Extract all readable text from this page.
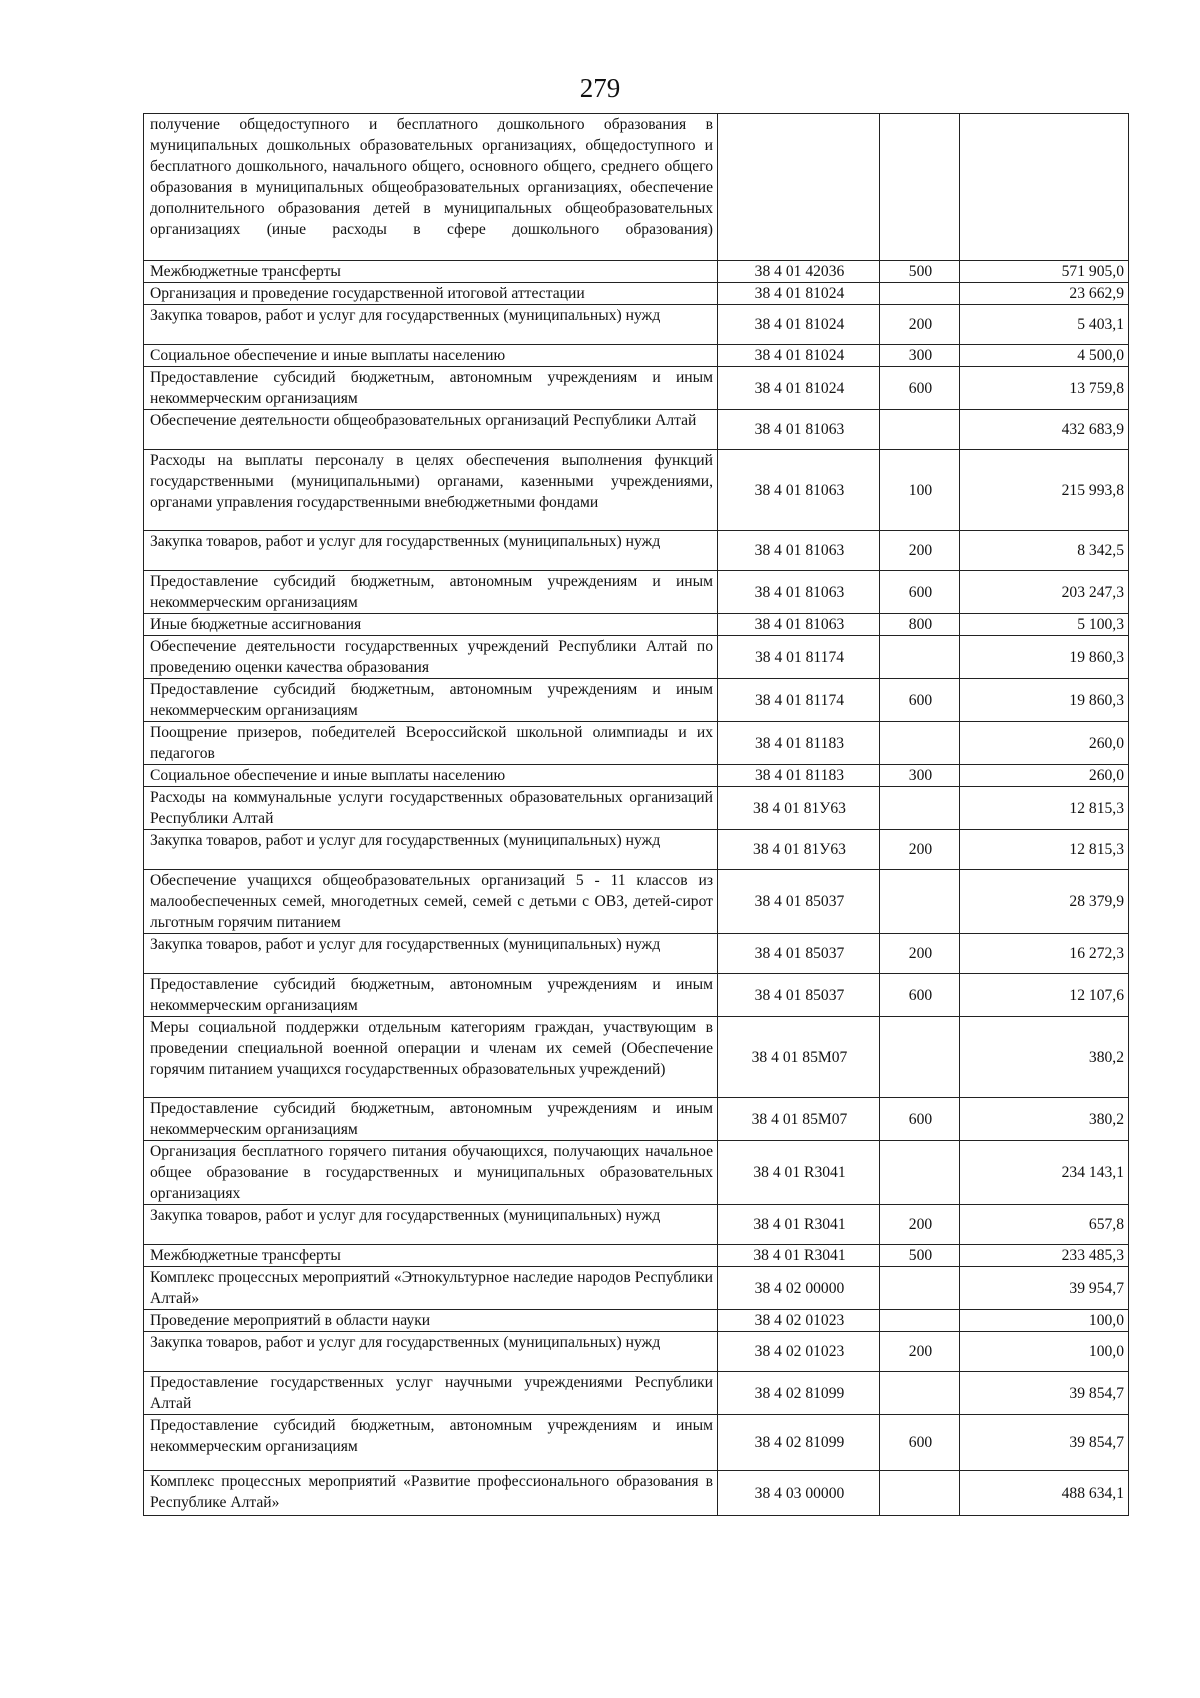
279
получение общедоступного и бесплатного дошкольного образования в муниципальных дошкольных образовательных организациях, общедоступного и бесплатного дошкольного, начального общего, основного общего, среднего общего образования в муниципальных общеобразовательных организациях, обеспечение дополнительного образования детей в муниципальных общеобразовательных организациях (иные расходы в сфере дошкольного образования)			
Межбюджетные трансферты	38 4 01 42036	500	571 905,0
Организация и проведение государственной итоговой аттестации	38 4 01 81024		23 662,9
Закупка товаров, работ и услуг для государственных (муниципальных) нужд	38 4 01 81024	200	5 403,1
Социальное обеспечение и иные выплаты населению	38 4 01 81024	300	4 500,0
Предоставление субсидий бюджетным, автономным учреждениям и иным некоммерческим организациям	38 4 01 81024	600	13 759,8
Обеспечение деятельности общеобразовательных организаций Республики Алтай	38 4 01 81063		432 683,9
Расходы на выплаты персоналу в целях обеспечения выполнения функций государственными (муниципальными) органами, казенными учреждениями, органами управления государственными внебюджетными фондами	38 4 01 81063	100	215 993,8
Закупка товаров, работ и услуг для государственных (муниципальных) нужд	38 4 01 81063	200	8 342,5
Предоставление субсидий бюджетным, автономным учреждениям и иным некоммерческим организациям	38 4 01 81063	600	203 247,3
Иные бюджетные ассигнования	38 4 01 81063	800	5 100,3
Обеспечение деятельности государственных учреждений Республики Алтай по проведению оценки качества образования	38 4 01 81174		19 860,3
Предоставление субсидий бюджетным, автономным учреждениям и иным некоммерческим организациям	38 4 01 81174	600	19 860,3
Поощрение призеров, победителей Всероссийской школьной олимпиады и их педагогов	38 4 01 81183		260,0
Социальное обеспечение и иные выплаты населению	38 4 01 81183	300	260,0
Расходы на коммунальные услуги государственных образовательных организаций Республики Алтай	38 4 01 81У63		12 815,3
Закупка товаров, работ и услуг для государственных (муниципальных) нужд	38 4 01 81У63	200	12 815,3
Обеспечение учащихся общеобразовательных организаций 5 - 11 классов из малообеспеченных семей, многодетных семей, семей с детьми с ОВЗ, детей-сирот льготным горячим питанием	38 4 01 85037		28 379,9
Закупка товаров, работ и услуг для государственных (муниципальных) нужд	38 4 01 85037	200	16 272,3
Предоставление субсидий бюджетным, автономным учреждениям и иным некоммерческим организациям	38 4 01 85037	600	12 107,6
Меры социальной поддержки отдельным категориям граждан, участвующим в проведении специальной военной операции и членам их семей (Обеспечение горячим питанием учащихся государственных образовательных учреждений)	38 4 01 85М07		380,2
Предоставление субсидий бюджетным, автономным учреждениям и иным некоммерческим организациям	38 4 01 85М07	600	380,2
Организация бесплатного горячего питания обучающихся, получающих начальное общее образование в государственных и муниципальных образовательных организациях	38 4 01 R3041		234 143,1
Закупка товаров, работ и услуг для государственных (муниципальных) нужд	38 4 01 R3041	200	657,8
Межбюджетные трансферты	38 4 01 R3041	500	233 485,3
Комплекс процессных мероприятий «Этнокультурное наследие народов Республики Алтай»	38 4 02 00000		39 954,7
Проведение мероприятий в области науки	38 4 02 01023		100,0
Закупка товаров, работ и услуг для государственных (муниципальных) нужд	38 4 02 01023	200	100,0
Предоставление государственных услуг научными учреждениями Республики Алтай	38 4 02 81099		39 854,7
Предоставление субсидий бюджетным, автономным учреждениям и иным некоммерческим организациям	38 4 02 81099	600	39 854,7
Комплекс процессных мероприятий «Развитие профессионального образования в Республике Алтай»	38 4 03 00000		488 634,1
